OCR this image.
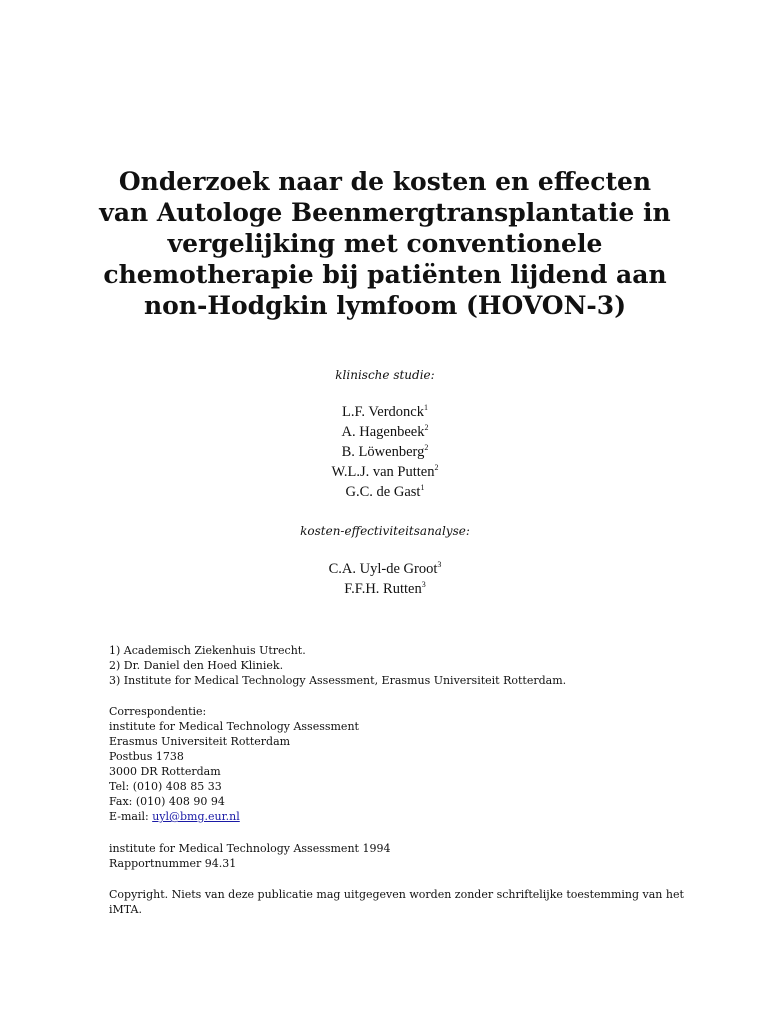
Onderzoek naar de kosten en effecten
van Autologe Beenmergtransplantatie in
vergelijking met conventionele
chemotherapie bij patiënten lijdend aan
non-Hodgkin lymfoom (HOVON-3)
klinische studie:
L.F. Verdonck$^1$
A. Hagenbeek$^2$
B. Löwenberg$^2$
W.L.J. van Putten$^2$
G.C. de Gast$^1$
kosten-effectiviteitsanalyse:
C.A. Uyl-de Groot$^3$
F.F.H. Rutten$^3$
1) Academisch Ziekenhuis Utrecht.
2) Dr. Daniel den Hoed Kliniek.
3) Institute for Medical Technology Assessment, Erasmus Universiteit Rotterdam.
Correspondentie:
institute for Medical Technology Assessment
Erasmus Universiteit Rotterdam
Postbus 1738
3000 DR Rotterdam
Tel: (010) 408 85 33
Fax: (010) 408 90 94
E-mail: uyl@bmg.eur.nl
institute for Medical Technology Assessment 1994
Rapportnummer 94.31
Copyright. Niets van deze publicatie mag uitgegeven worden zonder schriftelijke toestemming van het
iMTA.
